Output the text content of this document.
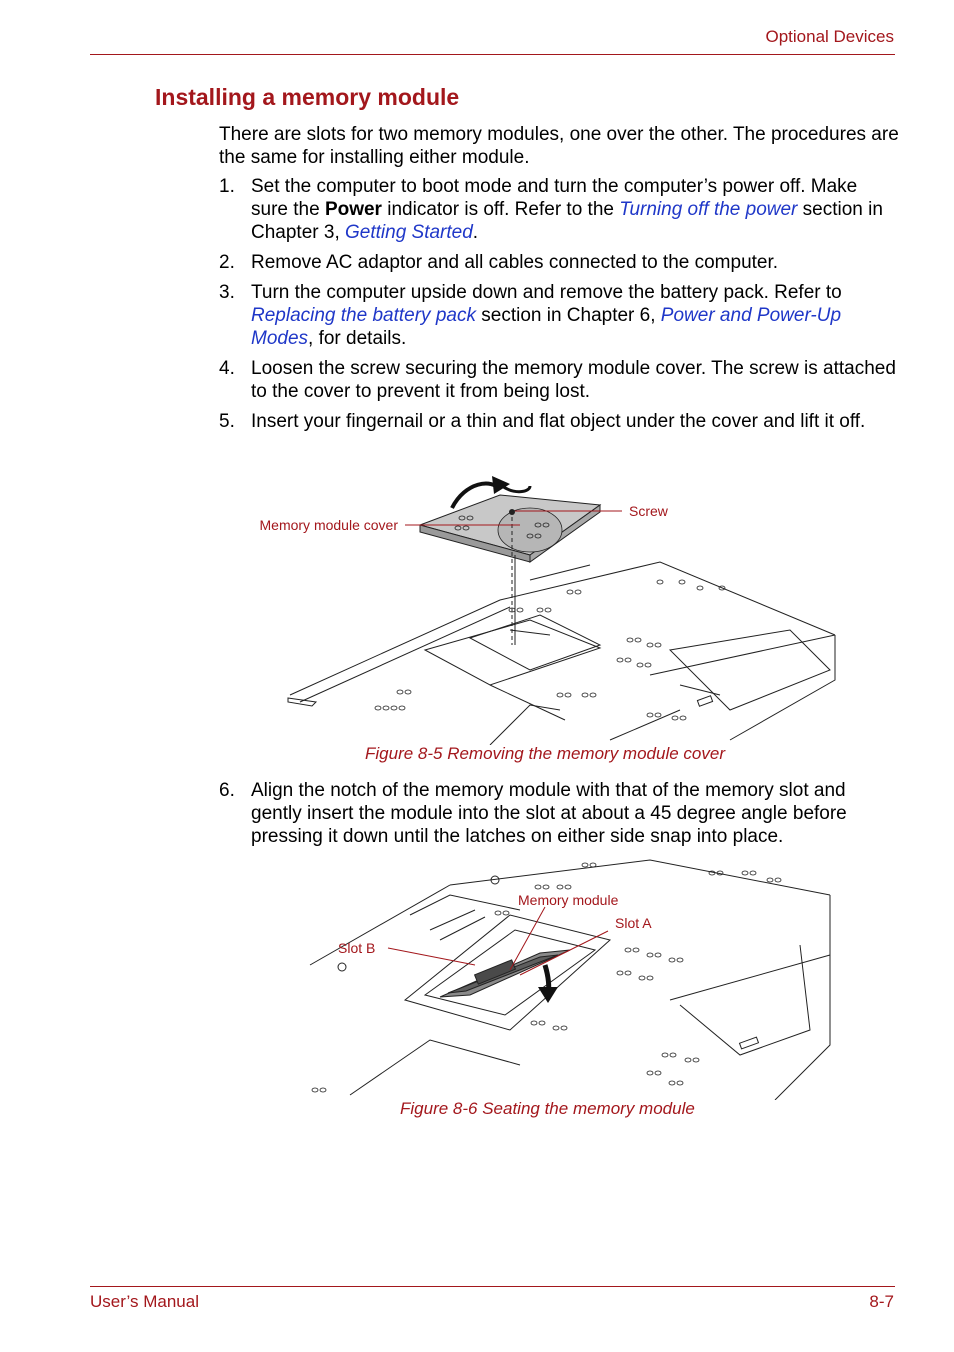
Optional Devices
Installing a memory module
There are slots for two memory modules, one over the other. The procedures are the same for installing either module.
1. Set the computer to boot mode and turn the computer’s power off. Make sure the Power indicator is off. Refer to the Turning off the power section in Chapter 3, Getting Started.
2. Remove AC adaptor and all cables connected to the computer.
3. Turn the computer upside down and remove the battery pack. Refer to Replacing the battery pack section in Chapter 6, Power and Power-Up Modes, for details.
4. Loosen the screw securing the memory module cover. The screw is attached to the cover to prevent it from being lost.
5. Insert your fingernail or a thin and flat object under the cover and lift it off.
Memory module cover
Screw
Figure 8-5 Removing the memory module cover
6. Align the notch of the memory module with that of the memory slot and gently insert the module into the slot at about a 45 degree angle before pressing it down until the latches on either side snap into place.
Memory module
Slot A
Slot B
Figure 8-6 Seating the memory module
User’s Manual	8-7
